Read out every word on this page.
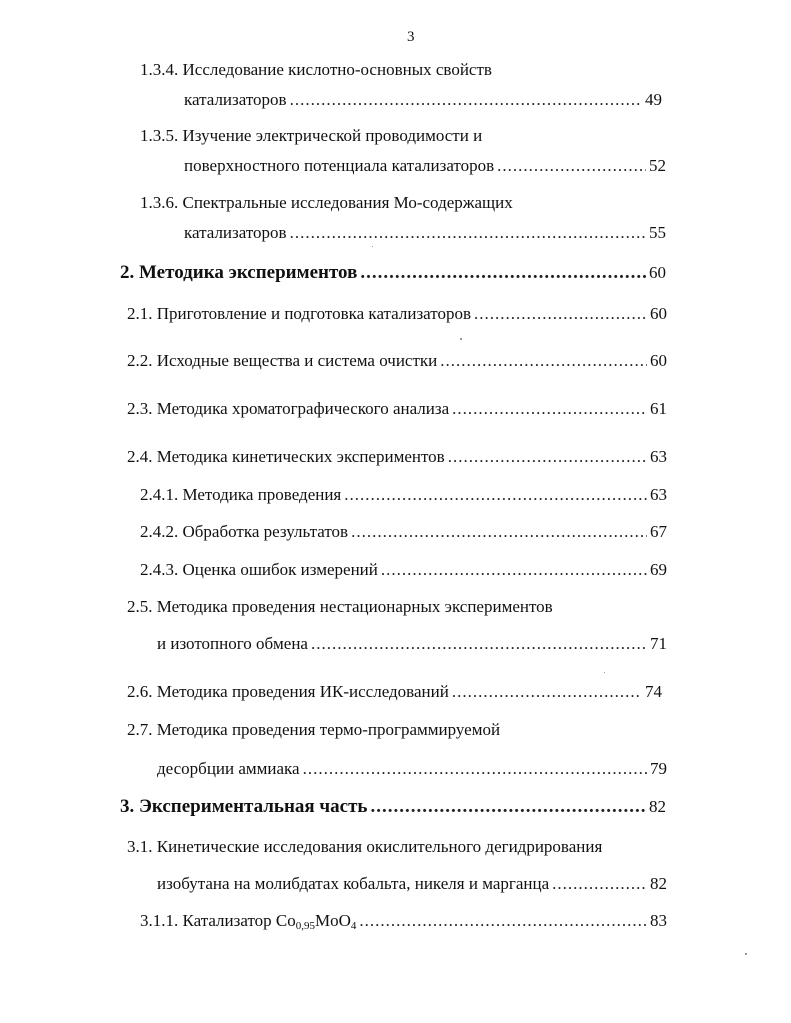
3
1.3.4. Исследование кислотно-основных свойств
катализаторов .....	49
1.3.5. Изучение электрической проводимости и
поверхностного потенциала катализаторов .....	52
1.3.6. Спектральные исследования Мо-содержащих
катализаторов .....	55
2. Методика экспериментов .....	60
2.1. Приготовление и подготовка катализаторов .....	60
2.2. Исходные вещества и система очистки .....	60
2.3. Методика хроматографического анализа .....	61
2.4. Методика кинетических экспериментов .....	63
2.4.1. Методика проведения .....	63
2.4.2. Обработка результатов .....	67
2.4.3. Оценка ошибок измерений .....	69
2.5. Методика проведения нестационарных экспериментов
и изотопного обмена .....	71
2.6. Методика проведения ИК-исследований .....	74
2.7. Методика проведения термо-программируемой
десорбции аммиака .....	79
3. Экспериментальная часть .....	82
3.1. Кинетические исследования окислительного дегидрирования
изобутана на молибдатах кобальта, никеля и марганца .....	82
3.1.1. Катализатор $Co_{0,95}MoO_4$ .....	83
